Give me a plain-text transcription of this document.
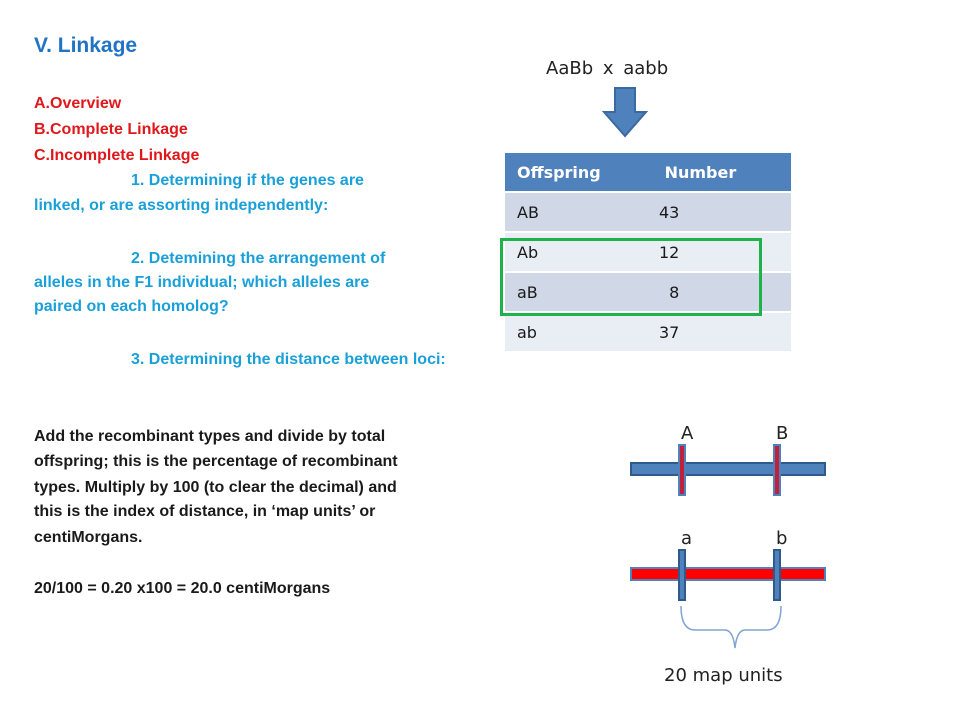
V. Linkage
A.Overview
B.Complete Linkage
C.Incomplete Linkage
1. Determining if the genes are
linked, or are assorting independently:
2. Detemining the arrangement of
alleles in the F1 individual; which alleles are
paired on each homolog?
3. Determining the distance between loci:
Add the recombinant types and divide by total
offspring; this is the percentage of recombinant
types. Multiply by 100 (to clear the decimal) and
this is the index of distance, in ‘map units’ or
centiMorgans.
20/100 = 0.20 x100 = 20.0 centiMorgans
AaBb x aabb
Offspring	Number
AB	43
Ab	12
aB	8
ab	37
A	B
a	b
20 map units
